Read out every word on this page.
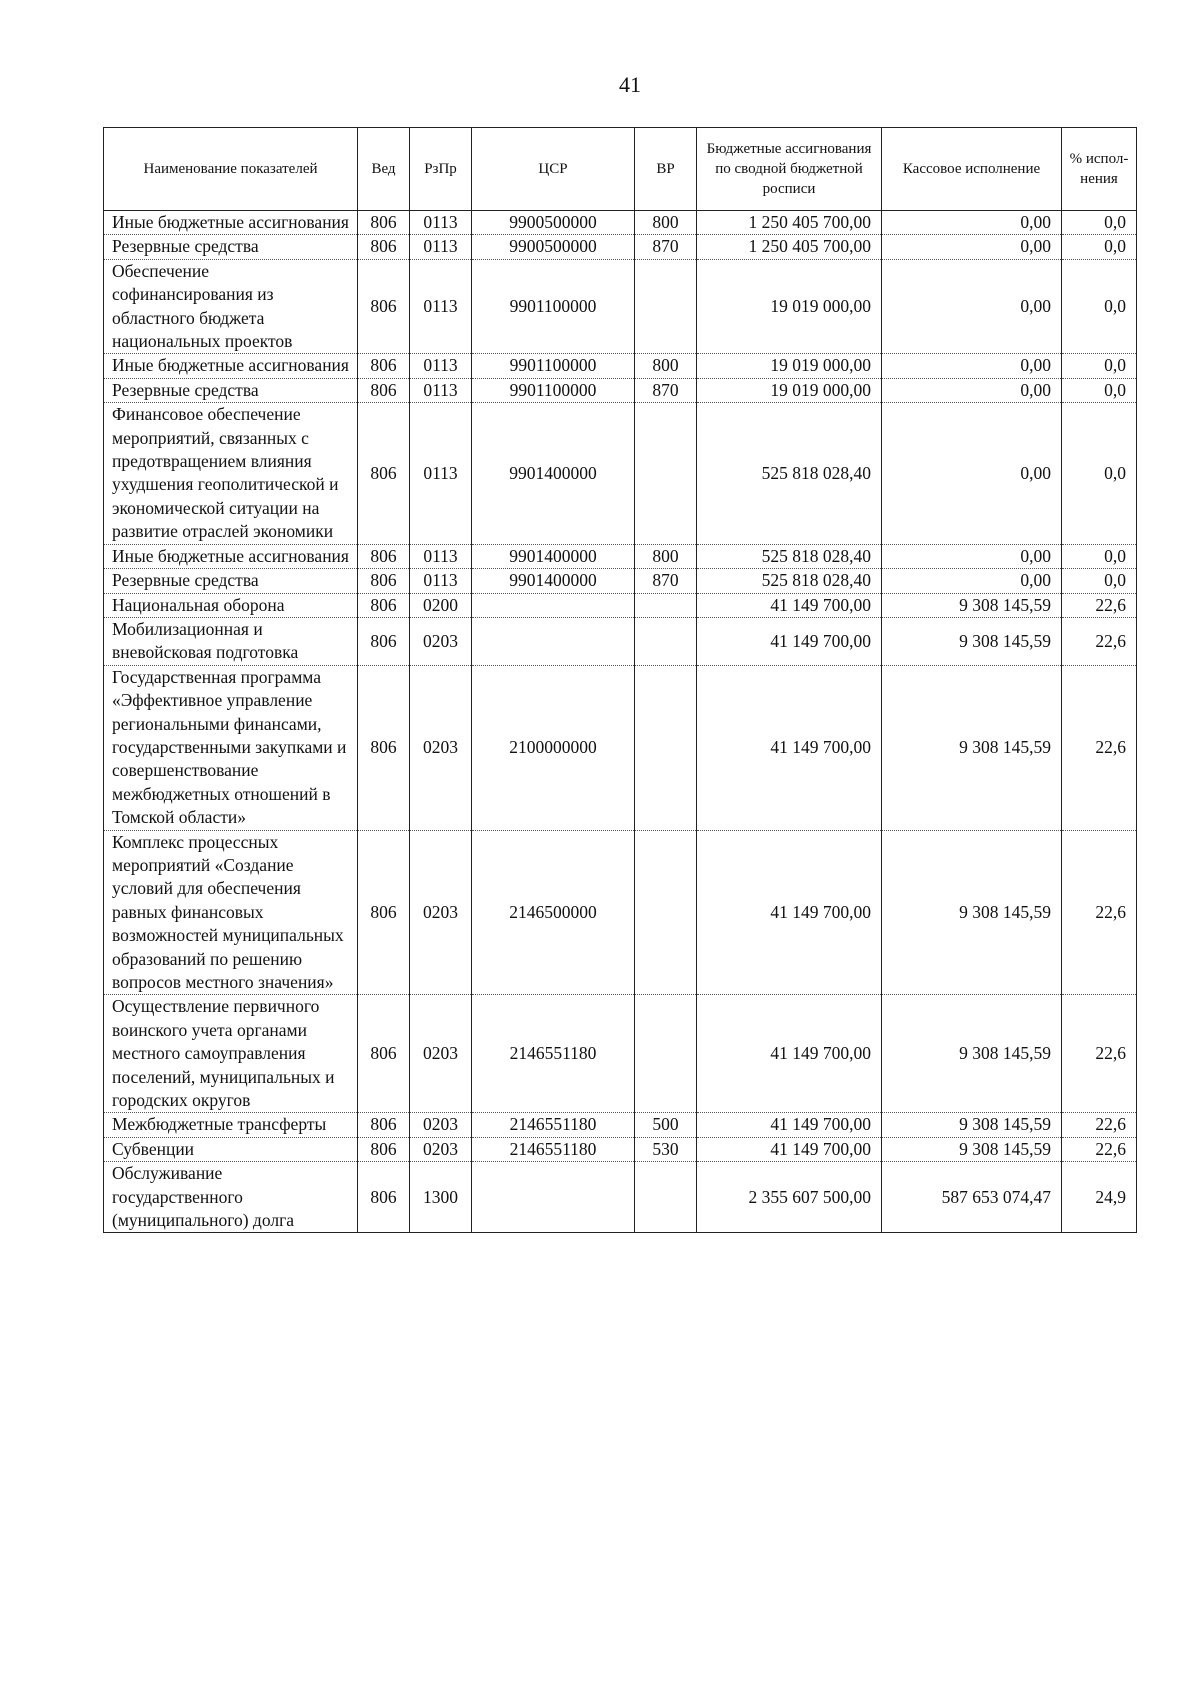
41
Наименование показателей	Вед	РзПр	ЦСР	ВР	Бюджетные ассигнования по сводной бюджетной росписи	Кассовое исполнение	% испол-нения
Иные бюджетные ассигнования	806	0113	9900500000	800	1 250 405 700,00	0,00	0,0
Резервные средства	806	0113	9900500000	870	1 250 405 700,00	0,00	0,0
Обеспечение софинансирования из областного бюджета национальных проектов	806	0113	9901100000		19 019 000,00	0,00	0,0
Иные бюджетные ассигнования	806	0113	9901100000	800	19 019 000,00	0,00	0,0
Резервные средства	806	0113	9901100000	870	19 019 000,00	0,00	0,0
Финансовое обеспечение мероприятий, связанных с предотвращением влияния ухудшения геополитической и экономической ситуации на развитие отраслей экономики	806	0113	9901400000		525 818 028,40	0,00	0,0
Иные бюджетные ассигнования	806	0113	9901400000	800	525 818 028,40	0,00	0,0
Резервные средства	806	0113	9901400000	870	525 818 028,40	0,00	0,0
Национальная оборона	806	0200			41 149 700,00	9 308 145,59	22,6
Мобилизационная и вневойсковая подготовка	806	0203			41 149 700,00	9 308 145,59	22,6
Государственная программа «Эффективное управление региональными финансами, государственными закупками и совершенствование межбюджетных отношений в Томской области»	806	0203	2100000000		41 149 700,00	9 308 145,59	22,6
Комплекс процессных мероприятий «Создание условий для обеспечения равных финансовых возможностей муниципальных образований по решению вопросов местного значения»	806	0203	2146500000		41 149 700,00	9 308 145,59	22,6
Осуществление первичного воинского учета органами местного самоуправления поселений, муниципальных и городских округов	806	0203	2146551180		41 149 700,00	9 308 145,59	22,6
Межбюджетные трансферты	806	0203	2146551180	500	41 149 700,00	9 308 145,59	22,6
Субвенции	806	0203	2146551180	530	41 149 700,00	9 308 145,59	22,6
Обслуживание государственного (муниципального) долга	806	1300			2 355 607 500,00	587 653 074,47	24,9
